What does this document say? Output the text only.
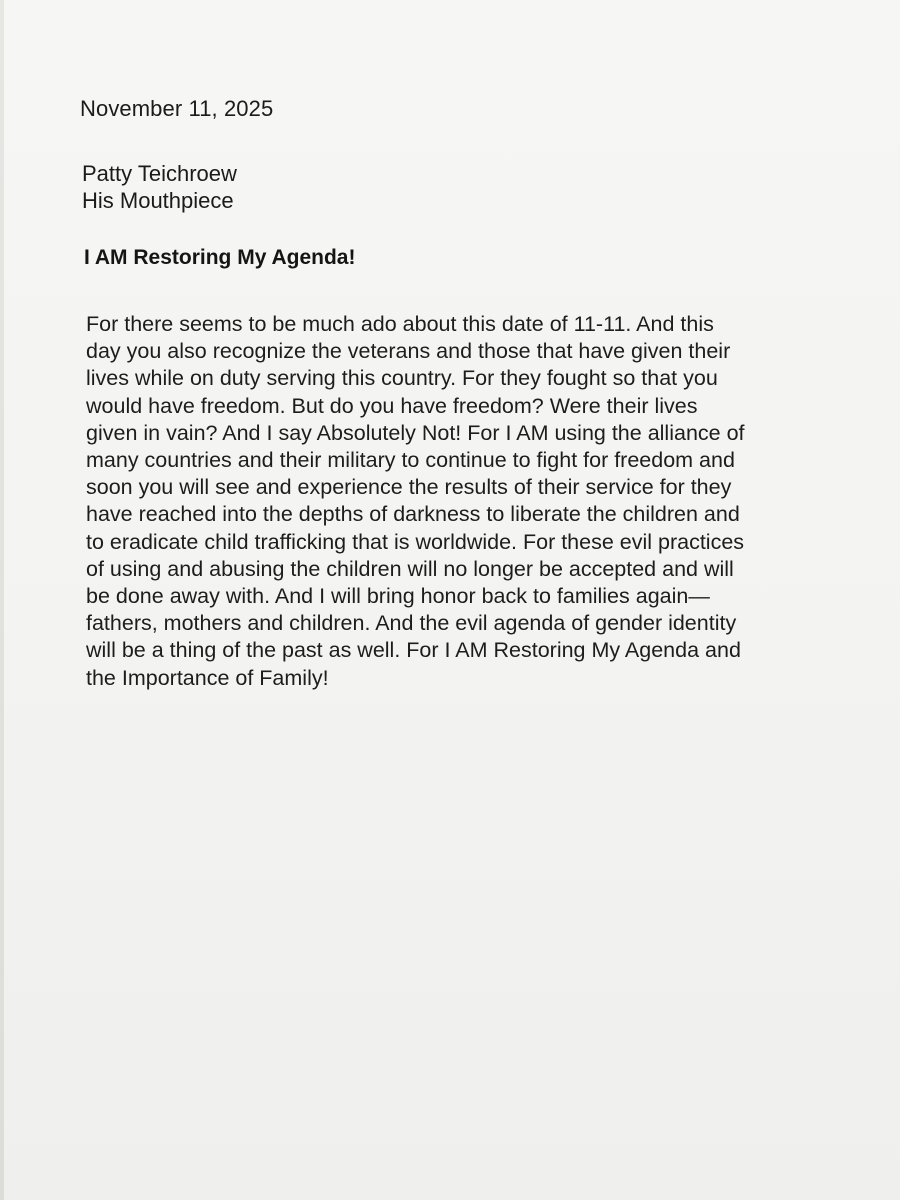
November 11, 2025
Patty Teichroew
His Mouthpiece
I AM Restoring My Agenda!
For there seems to be much ado about this date of 11-11. And this
day you also recognize the veterans and those that have given their
lives while on duty serving this country. For they fought so that you
would have freedom. But do you have freedom? Were their lives
given in vain? And I say Absolutely Not! For I AM using the alliance of
many countries and their military to continue to fight for freedom and
soon you will see and experience the results of their service for they
have reached into the depths of darkness to liberate the children and
to eradicate child trafficking that is worldwide. For these evil practices
of using and abusing the children will no longer be accepted and will
be done away with. And I will bring honor back to families again—
fathers, mothers and children. And the evil agenda of gender identity
will be a thing of the past as well. For I AM Restoring My Agenda and
the Importance of Family!
